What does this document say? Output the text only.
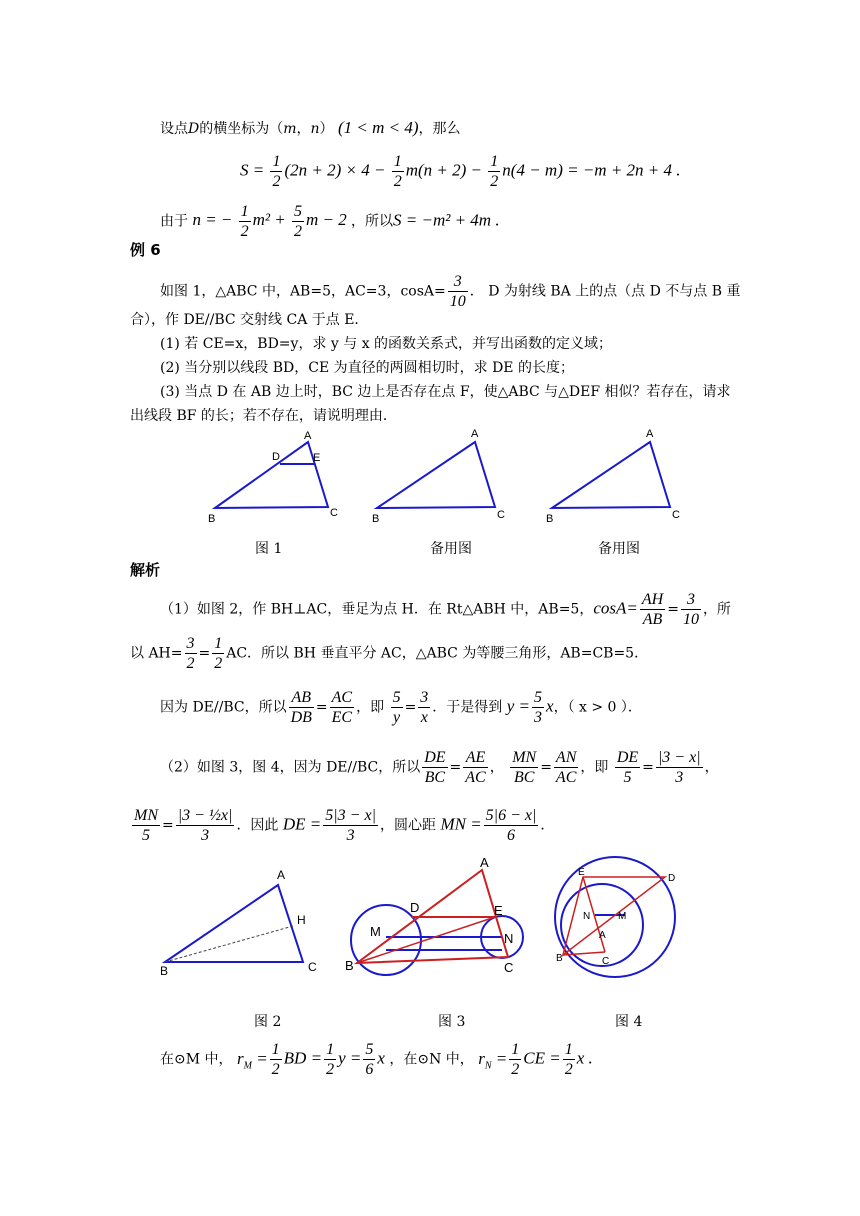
设点D的横坐标为（m，n） (1 < m < 4)，那么
$S = \frac{1}{2} (2n + 2) \times 4 - \frac{1}{2} m(n + 2) - \frac{1}{2} n(4 - m) = -m + 2n + 4$ .
由于 n = − $\frac{1}{2} m^2 + \frac{5}{2}$ m − 2 ，所以S = −m² + 4m .
例 6
如图 1，△ABC 中，AB=5，AC=3，$\cos A= \frac{3}{10}$ ． D 为射线 BA 上的点（点 D 不与点 B 重
合），作 DE//BC 交射线 CA 于点 E．
(1) 若 CE=x，BD=y，求 y 与 x 的函数关系式，并写出函数的定义域；
(2) 当分别以线段 BD，CE 为直径的两圆相切时，求 DE 的长度；
(3) 当点 D 在 AB 边上时，BC 边上是否存在点 F，使△ABC 与△DEF 相似？若存在，请求
出线段 BF 的长；若不存在，请说明理由．
A
D	E
B	C
A
B	C
A
B	C
图 1	备用图	备用图
解析
（1）如图 2，作 BH⊥AC，垂足为点 H．在 Rt△ABH 中，AB=5，$\cos A= \frac{AH}{AB} = \frac{3}{10}$ ，所
以 $AH= \frac{3}{2} = \frac{1}{2}$ AC．所以 BH 垂直平分 AC，△ABC 为等腰三角形，AB=CB=5．
因为 DE//BC，所以 $\frac{AB}{DB} = \frac{AC}{EC}$ ，即 $\frac{5}{y} = \frac{3}{x}$ ．于是得到 $y = \frac{5}{3}$ x，（ x > 0 ）．
（2）如图 3，图 4，因为 DE//BC，所以 $\frac{DE}{BC} = \frac{AE}{AC}$ ， $\frac{MN}{BC} = \frac{AN}{AC}$ ，即 $\frac{DE}{5} = \frac{|3 - x|}{3}$ ，
$\frac{MN}{5} = \frac{\text{|3 − ½x|}}{3}$ ．因此 DE = $\frac{5|3 - x|}{3}$ ，圆心距 MN = $\frac{5|6 - x|}{6}$ ．
A
H
B	C
A
D	E
M	N
B	C
E
D
N	M
A
B	C
图 2	图 3	图 4
在⊙M 中， $r_M = \frac{1}{2}$ BD = $\frac{1}{2}$ $y = \frac{5}{6}$ x ，在⊙N 中， $r_N = \frac{1}{2}$ CE = $\frac{1}{2}$ x .
